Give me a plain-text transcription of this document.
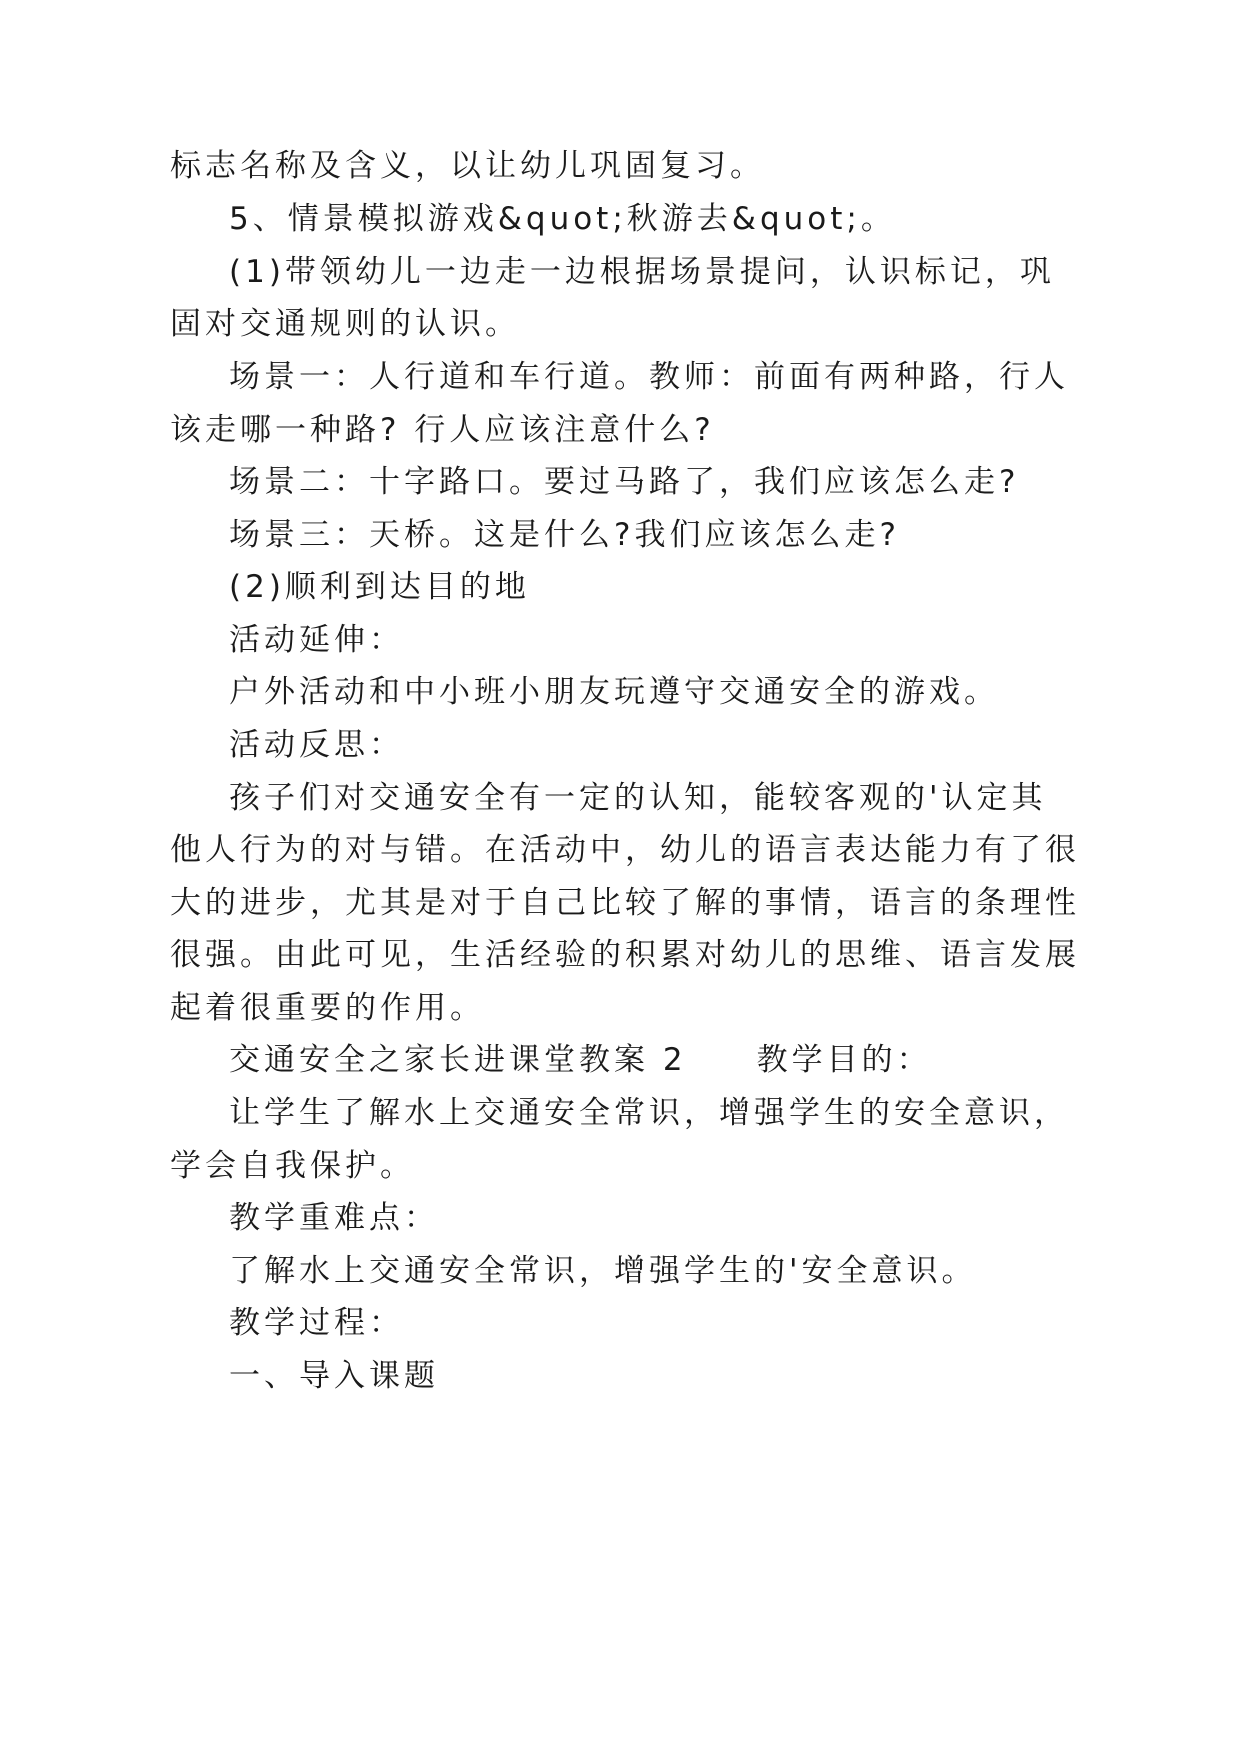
标志名称及含义，以让幼儿巩固复习。
5、情景模拟游戏&quot;秋游去&quot;。
(1)带领幼儿一边走一边根据场景提问，认识标记，巩
固对交通规则的认识。
场景一：人行道和车行道。教师：前面有两种路，行人
该走哪一种路? 行人应该注意什么?
场景二：十字路口。要过马路了，我们应该怎么走?
场景三：天桥。这是什么?我们应该怎么走?
(2)顺利到达目的地
活动延伸：
户外活动和中小班小朋友玩遵守交通安全的游戏。
活动反思：
孩子们对交通安全有一定的认知，能较客观的'认定其
他人行为的对与错。在活动中，幼儿的语言表达能力有了很
大的进步，尤其是对于自己比较了解的事情，语言的条理性
很强。由此可见，生活经验的积累对幼儿的思维、语言发展
起着很重要的作用。
交通安全之家长进课堂教案 2　　教学目的：
让学生了解水上交通安全常识，增强学生的安全意识，
学会自我保护。
教学重难点：
了解水上交通安全常识，增强学生的'安全意识。
教学过程：
一、导入课题
